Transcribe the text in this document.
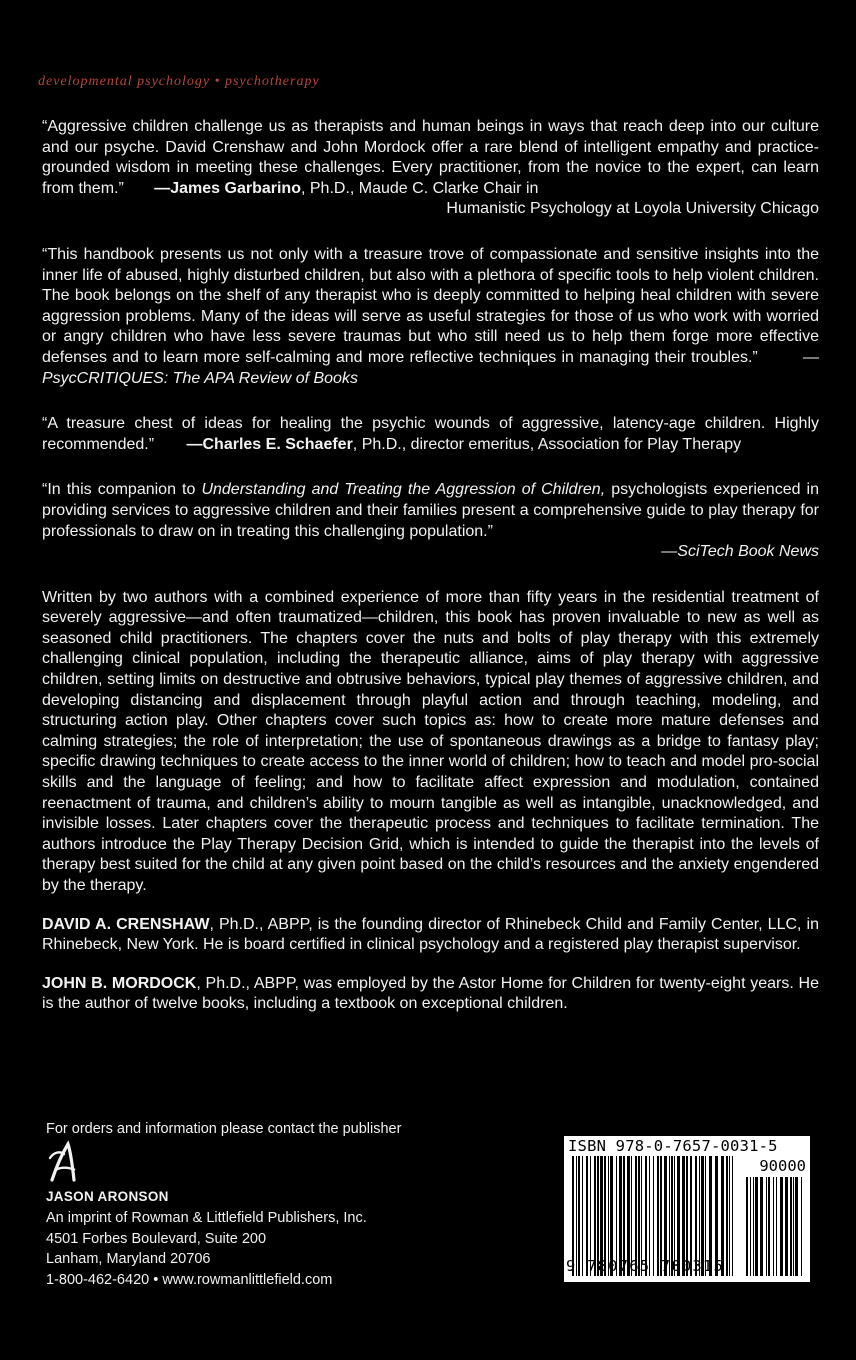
developmental psychology • psychotherapy

“Aggressive children challenge us as therapists and human beings in ways that reach deep into our culture and our psyche. David Crenshaw and John Mordock offer a rare blend of intelligent empathy and practice-grounded wisdom in meeting these challenges. Every practitioner, from the novice to the expert, can learn from them.” —James Garbarino, Ph.D., Maude C. Clarke Chair in

Humanistic Psychology at Loyola University Chicago

“This handbook presents us not only with a treasure trove of compassionate and sensitive insights into the inner life of abused, highly disturbed children, but also with a plethora of specific tools to help violent children. The book belongs on the shelf of any therapist who is deeply committed to helping heal children with severe aggression problems. Many of the ideas will serve as useful strategies for those of us who work with worried or angry children who have less severe traumas but who still need us to help them forge more effective defenses and to learn more self-calming and more reflective techniques in managing their troubles.”	—PsycCRITIQUES: The APA Review of Books

“A treasure chest of ideas for healing the psychic wounds of aggressive, latency-age children. Highly recommended.” —Charles E. Schaefer, Ph.D., director emeritus, Association for Play Therapy

“In this companion to Understanding and Treating the Aggression of Children, psychologists experienced in providing services to aggressive children and their families present a comprehensive guide to play therapy for professionals to draw on in treating this challenging population.”

—SciTech Book News

Written by two authors with a combined experience of more than fifty years in the residential treatment of severely aggressive—and often traumatized—children, this book has proven invaluable to new as well as seasoned child practitioners. The chapters cover the nuts and bolts of play therapy with this extremely challenging clinical population, including the therapeutic alliance, aims of play therapy with aggressive children, setting limits on destructive and obtrusive behaviors, typical play themes of aggressive children, and developing distancing and displacement through playful action and through teaching, modeling, and structuring action play. Other chapters cover such topics as: how to create more mature defenses and calming strategies; the role of interpretation; the use of spontaneous drawings as a bridge to fantasy play; specific drawing techniques to create access to the inner world of children; how to teach and model pro-social skills and the language of feeling; and how to facilitate affect expression and modulation, contained reenactment of trauma, and children’s ability to mourn tangible as well as intangible, unacknowledged, and invisible losses. Later chapters cover the therapeutic process and techniques to facilitate termination. The authors introduce the Play Therapy Decision Grid, which is intended to guide the therapist into the levels of therapy best suited for the child at any given point based on the child’s resources and the anxiety engendered by the therapy.

DAVID A. CRENSHAW, Ph.D., ABPP, is the founding director of Rhinebeck Child and Family Center, LLC, in Rhinebeck, New York. He is board certified in clinical psychology and a registered play therapist supervisor.

JOHN B. MORDOCK, Ph.D., ABPP, was employed by the Astor Home for Children for twenty-eight years. He is the author of twelve books, including a textbook on exceptional children.

For orders and information please contact the publisher
JASON ARONSON
An imprint of Rowman & Littlefield Publishers, Inc.
4501 Forbes Boulevard, Suite 200
Lanham, Maryland 20706
1-800-462-6420 • www.rowmanlittlefield.com
ISBN 978-0-7657-0031-5
90000
9 780765 700315
